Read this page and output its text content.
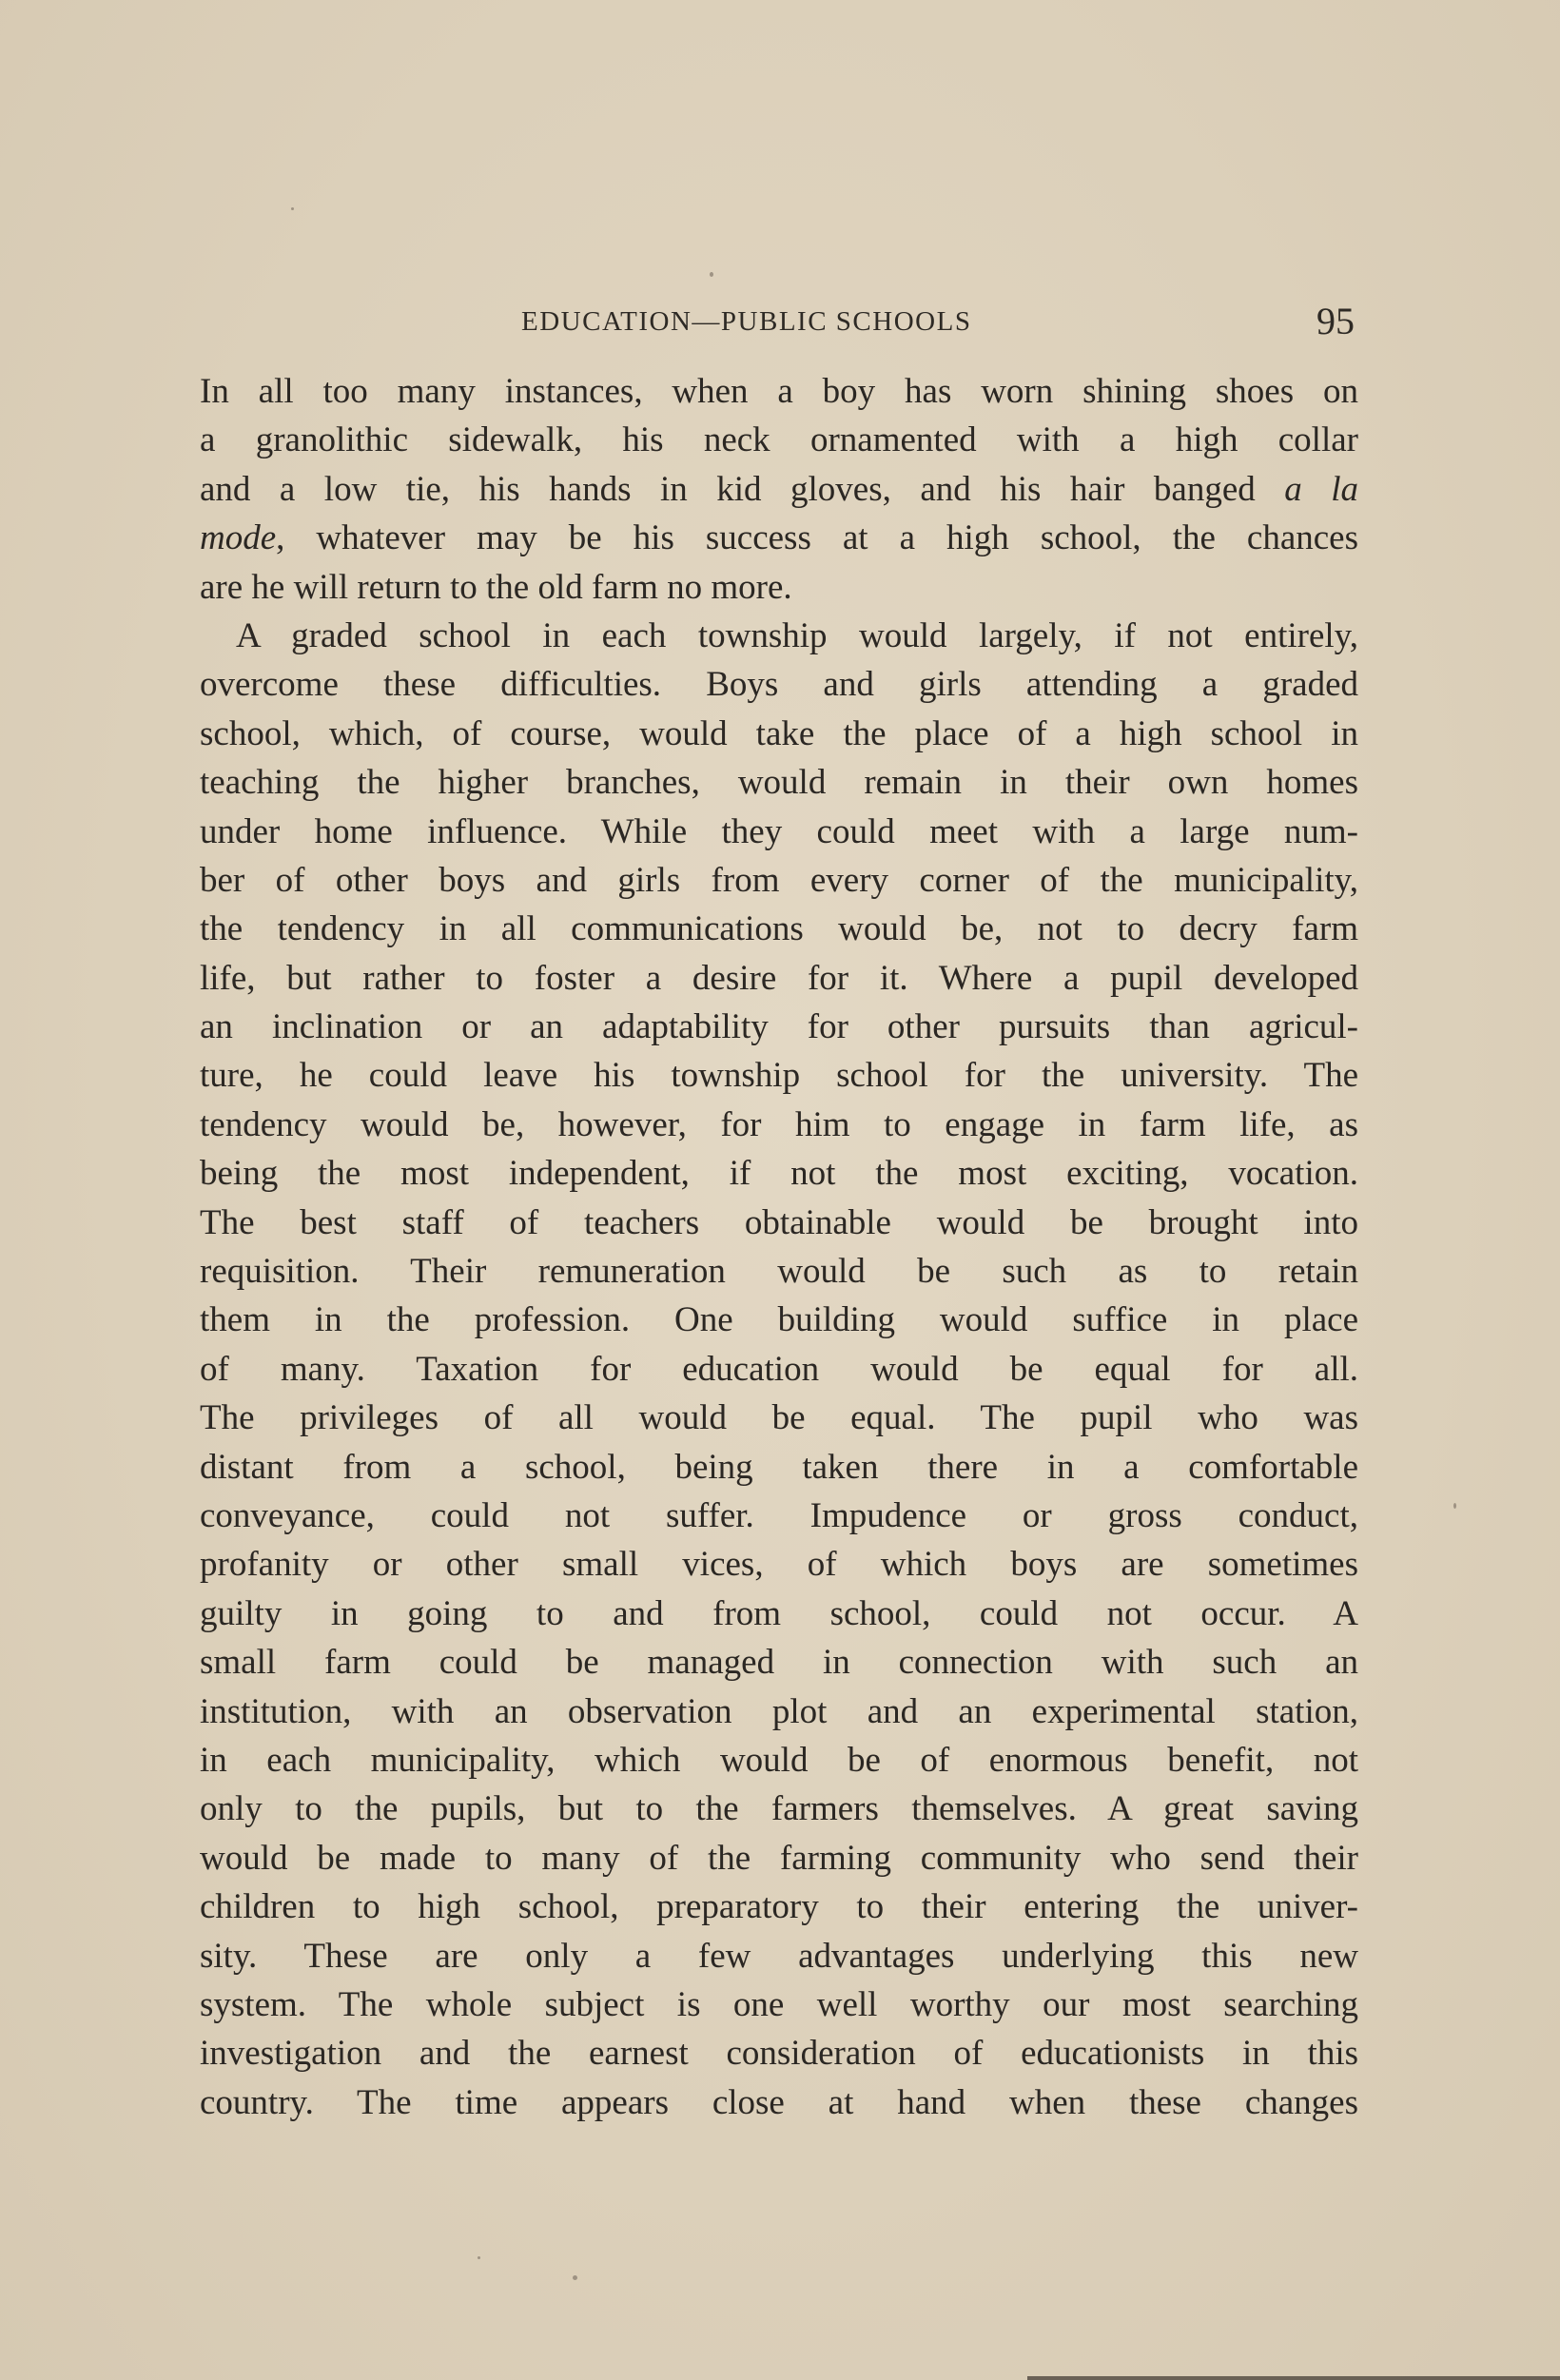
EDUCATION—PUBLIC SCHOOLS	95
In all too many instances, when a boy has worn shining shoes on
a granolithic sidewalk, his neck ornamented with a high collar
and a low tie, his hands in kid gloves, and his hair banged a la
mode, whatever may be his success at a high school, the chances
are he will return to the old farm no more.
A graded school in each township would largely, if not entirely,
overcome these difficulties. Boys and girls attending a graded
school, which, of course, would take the place of a high school in
teaching the higher branches, would remain in their own homes
under home influence. While they could meet with a large num-
ber of other boys and girls from every corner of the municipality,
the tendency in all communications would be, not to decry farm
life, but rather to foster a desire for it. Where a pupil developed
an inclination or an adaptability for other pursuits than agricul-
ture, he could leave his township school for the university. The
tendency would be, however, for him to engage in farm life, as
being the most independent, if not the most exciting, vocation.
The best staff of teachers obtainable would be brought into
requisition. Their remuneration would be such as to retain
them in the profession. One building would suffice in place
of many. Taxation for education would be equal for all.
The privileges of all would be equal. The pupil who was
distant from a school, being taken there in a comfortable
conveyance, could not suffer. Impudence or gross conduct,
profanity or other small vices, of which boys are sometimes
guilty in going to and from school, could not occur. A
small farm could be managed in connection with such an
institution, with an observation plot and an experimental station,
in each municipality, which would be of enormous benefit, not
only to the pupils, but to the farmers themselves. A great saving
would be made to many of the farming community who send their
children to high school, preparatory to their entering the univer-
sity. These are only a few advantages underlying this new
system. The whole subject is one well worthy our most searching
investigation and the earnest consideration of educationists in this
country. The time appears close at hand when these changes
